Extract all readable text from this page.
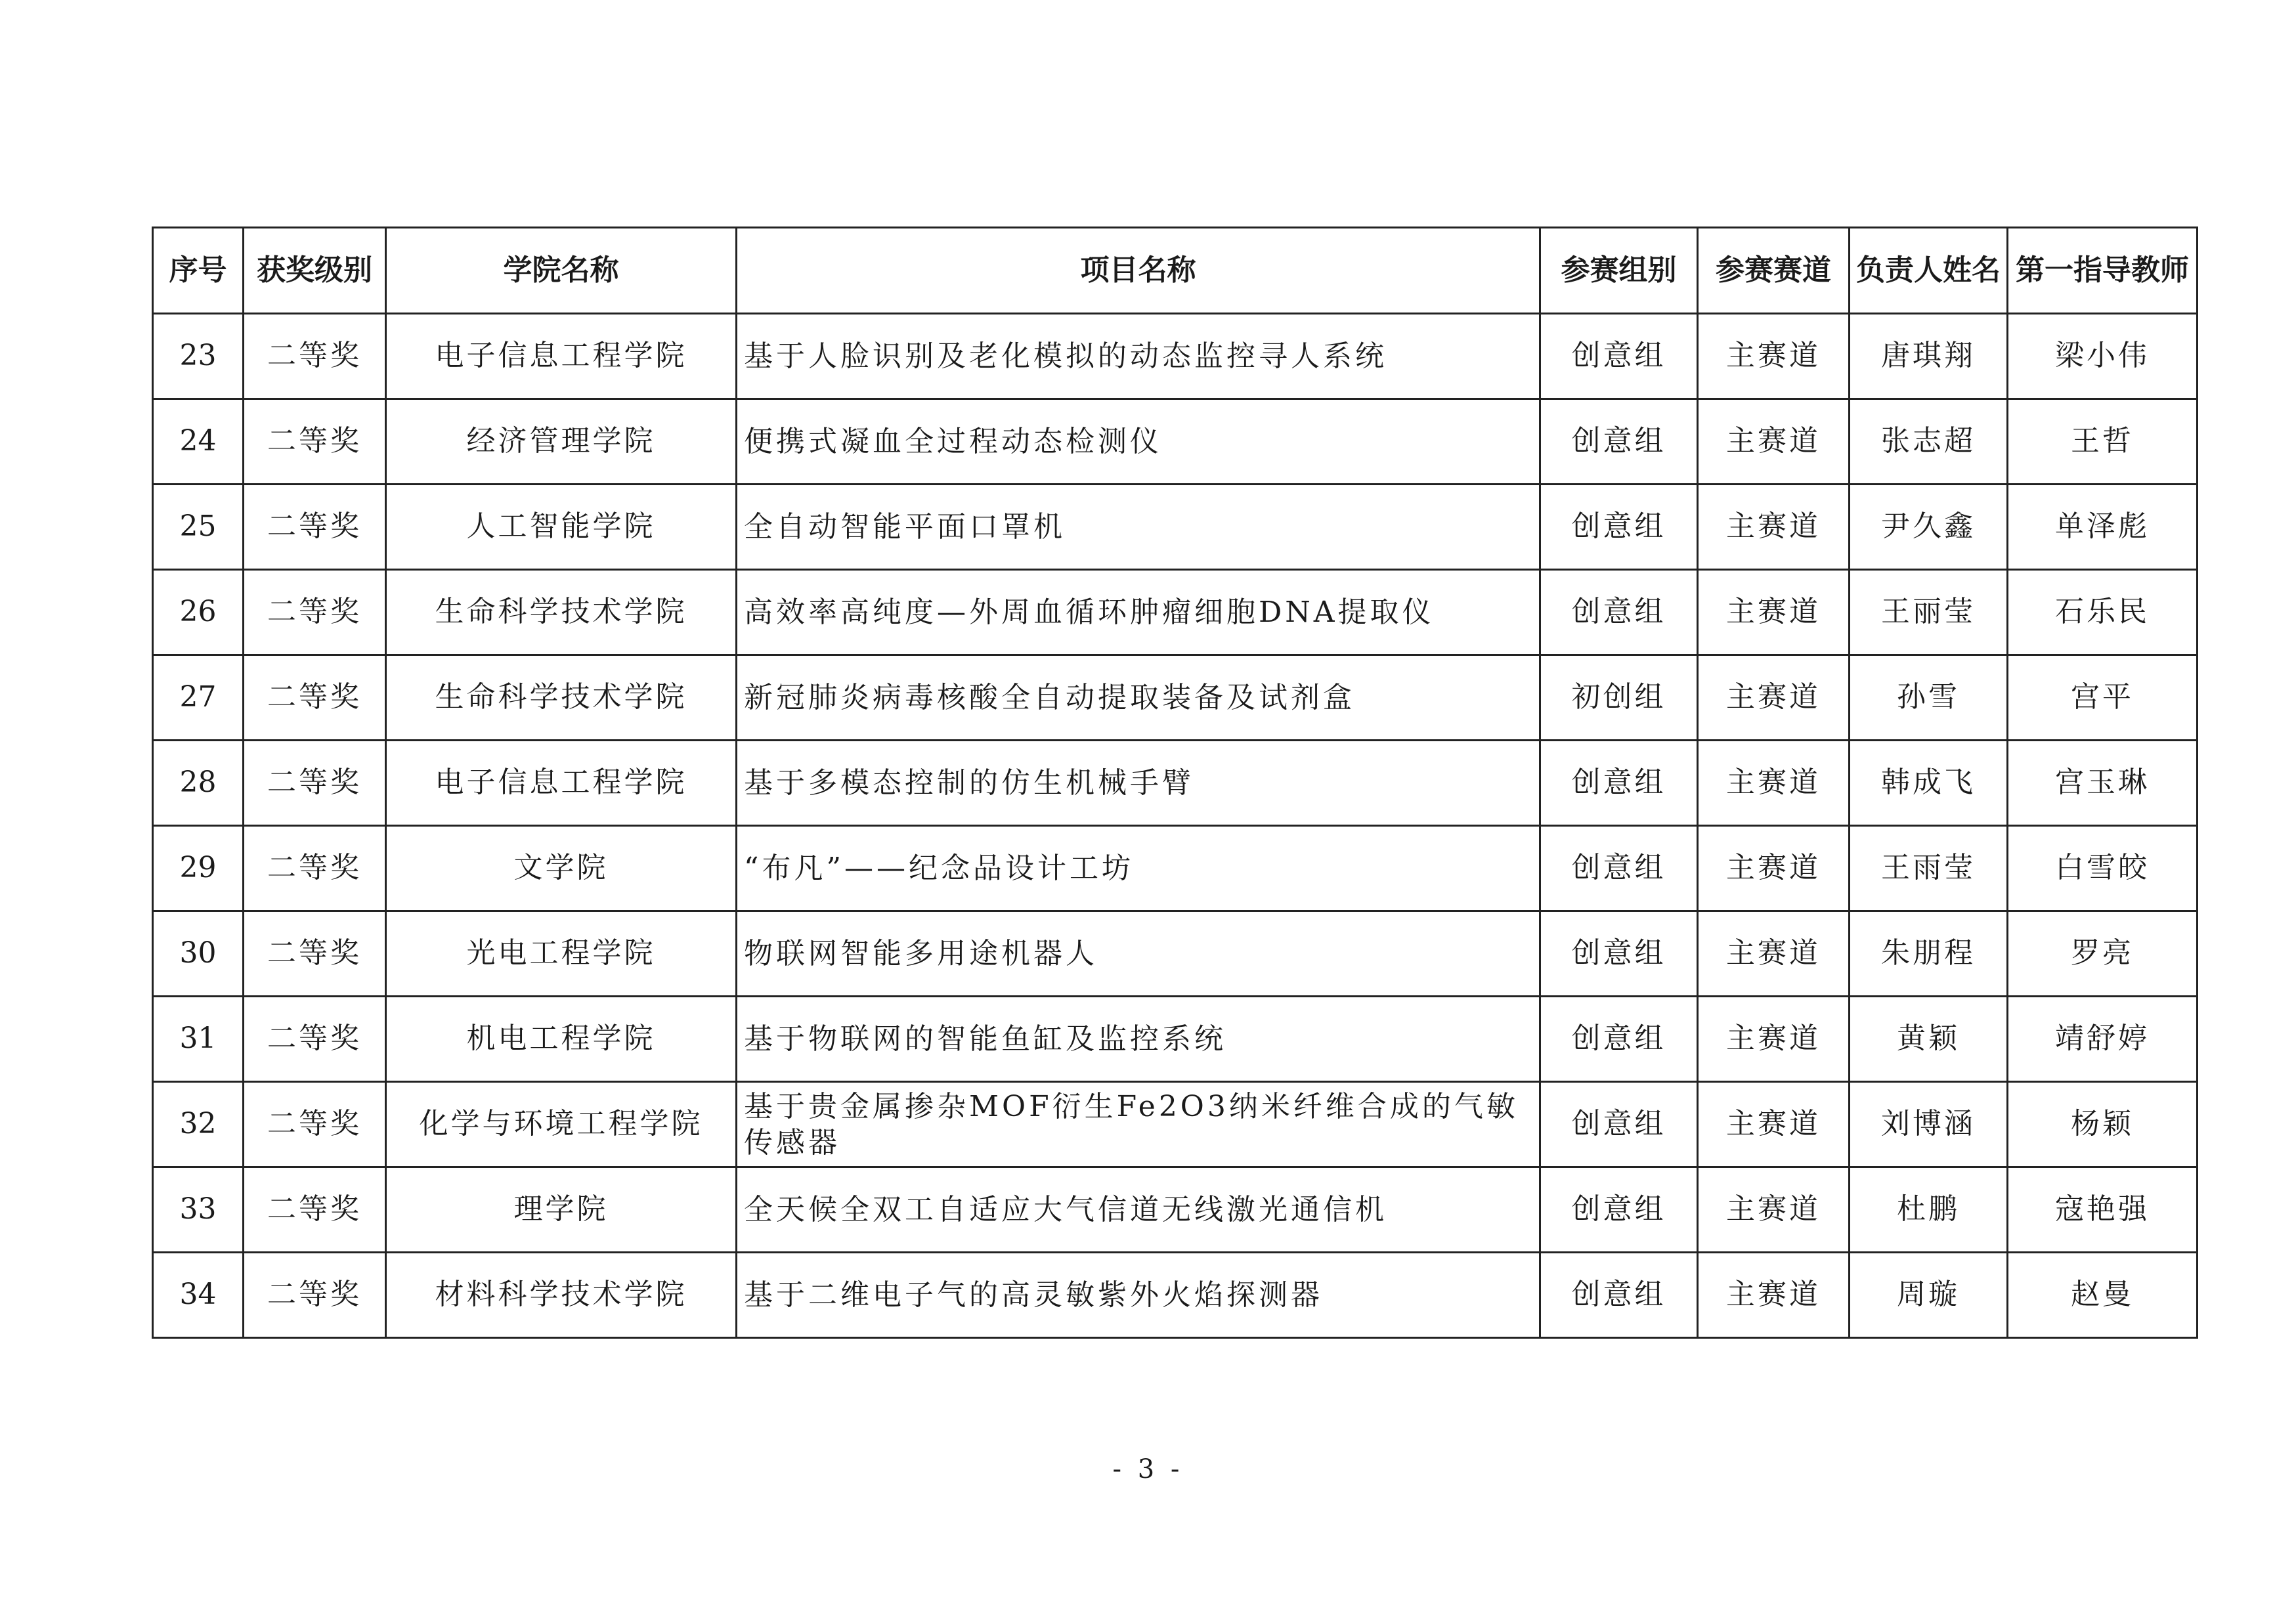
序号	获奖级别	学院名称	项目名称	参赛组别	参赛赛道	负责人姓名	第一指导教师
23	二等奖	电子信息工程学院	基于人脸识别及老化模拟的动态监控寻人系统	创意组	主赛道	唐琪翔	梁小伟
24	二等奖	经济管理学院	便携式凝血全过程动态检测仪	创意组	主赛道	张志超	王哲
25	二等奖	人工智能学院	全自动智能平面口罩机	创意组	主赛道	尹久鑫	单泽彪
26	二等奖	生命科学技术学院	高效率高纯度—外周血循环肿瘤细胞DNA提取仪	创意组	主赛道	王丽莹	石乐民
27	二等奖	生命科学技术学院	新冠肺炎病毒核酸全自动提取装备及试剂盒	初创组	主赛道	孙雪	宫平
28	二等奖	电子信息工程学院	基于多模态控制的仿生机械手臂	创意组	主赛道	韩成飞	宫玉琳
29	二等奖	文学院	“布凡”——纪念品设计工坊	创意组	主赛道	王雨莹	白雪皎
30	二等奖	光电工程学院	物联网智能多用途机器人	创意组	主赛道	朱朋程	罗亮
31	二等奖	机电工程学院	基于物联网的智能鱼缸及监控系统	创意组	主赛道	黄颖	靖舒婷
32	二等奖	化学与环境工程学院	基于贵金属掺杂MOF衍生Fe2O3纳米纤维合成的气敏传感器	创意组	主赛道	刘博涵	杨颖
33	二等奖	理学院	全天候全双工自适应大气信道无线激光通信机	创意组	主赛道	杜鹏	寇艳强
34	二等奖	材料科学技术学院	基于二维电子气的高灵敏紫外火焰探测器	创意组	主赛道	周璇	赵曼
- 3 -
